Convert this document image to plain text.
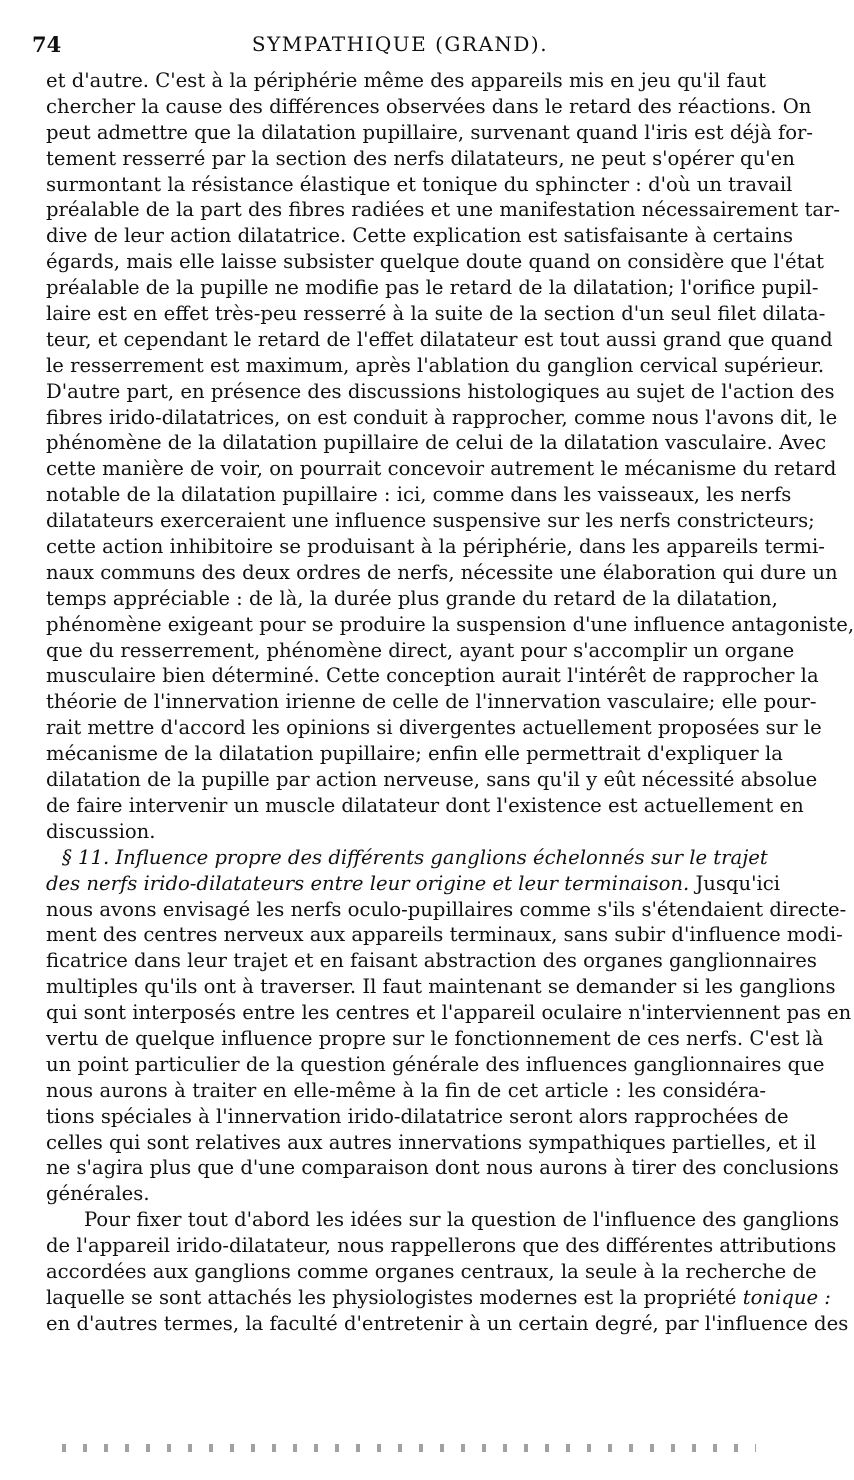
74	SYMPATHIQUE (GRAND).
et d'autre. C'est à la périphérie même des appareils mis en jeu qu'il faut
chercher la cause des différences observées dans le retard des réactions. On
peut admettre que la dilatation pupillaire, survenant quand l'iris est déjà for-
tement resserré par la section des nerfs dilatateurs, ne peut s'opérer qu'en
surmontant la résistance élastique et tonique du sphincter : d'où un travail
préalable de la part des fibres radiées et une manifestation nécessairement tar-
dive de leur action dilatatrice. Cette explication est satisfaisante à certains
égards, mais elle laisse subsister quelque doute quand on considère que l'état
préalable de la pupille ne modifie pas le retard de la dilatation; l'orifice pupil-
laire est en effet très-peu resserré à la suite de la section d'un seul filet dilata-
teur, et cependant le retard de l'effet dilatateur est tout aussi grand que quand
le resserrement est maximum, après l'ablation du ganglion cervical supérieur.
D'autre part, en présence des discussions histologiques au sujet de l'action des
fibres irido-dilatatrices, on est conduit à rapprocher, comme nous l'avons dit, le
phénomène de la dilatation pupillaire de celui de la dilatation vasculaire. Avec
cette manière de voir, on pourrait concevoir autrement le mécanisme du retard
notable de la dilatation pupillaire : ici, comme dans les vaisseaux, les nerfs
dilatateurs exerceraient une influence suspensive sur les nerfs constricteurs;
cette action inhibitoire se produisant à la périphérie, dans les appareils termi-
naux communs des deux ordres de nerfs, nécessite une élaboration qui dure un
temps appréciable : de là, la durée plus grande du retard de la dilatation,
phénomène exigeant pour se produire la suspension d'une influence antagoniste,
que du resserrement, phénomène direct, ayant pour s'accomplir un organe
musculaire bien déterminé. Cette conception aurait l'intérêt de rapprocher la
théorie de l'innervation irienne de celle de l'innervation vasculaire; elle pour-
rait mettre d'accord les opinions si divergentes actuellement proposées sur le
mécanisme de la dilatation pupillaire; enfin elle permettrait d'expliquer la
dilatation de la pupille par action nerveuse, sans qu'il y eût nécessité absolue
de faire intervenir un muscle dilatateur dont l'existence est actuellement en
discussion.
§ 11. Influence propre des différents ganglions échelonnés sur le trajet
des nerfs irido-dilatateurs entre leur origine et leur terminaison. Jusqu'ici
nous avons envisagé les nerfs oculo-pupillaires comme s'ils s'étendaient directe-
ment des centres nerveux aux appareils terminaux, sans subir d'influence modi-
ficatrice dans leur trajet et en faisant abstraction des organes ganglionnaires
multiples qu'ils ont à traverser. Il faut maintenant se demander si les ganglions
qui sont interposés entre les centres et l'appareil oculaire n'interviennent pas en
vertu de quelque influence propre sur le fonctionnement de ces nerfs. C'est là
un point particulier de la question générale des influences ganglionnaires que
nous aurons à traiter en elle-même à la fin de cet article : les considéra-
tions spéciales à l'innervation irido-dilatatrice seront alors rapprochées de
celles qui sont relatives aux autres innervations sympathiques partielles, et il
ne s'agira plus que d'une comparaison dont nous aurons à tirer des conclusions
générales.
Pour fixer tout d'abord les idées sur la question de l'influence des ganglions
de l'appareil irido-dilatateur, nous rappellerons que des différentes attributions
accordées aux ganglions comme organes centraux, la seule à la recherche de
laquelle se sont attachés les physiologistes modernes est la propriété tonique :
en d'autres termes, la faculté d'entretenir à un certain degré, par l'influence des
